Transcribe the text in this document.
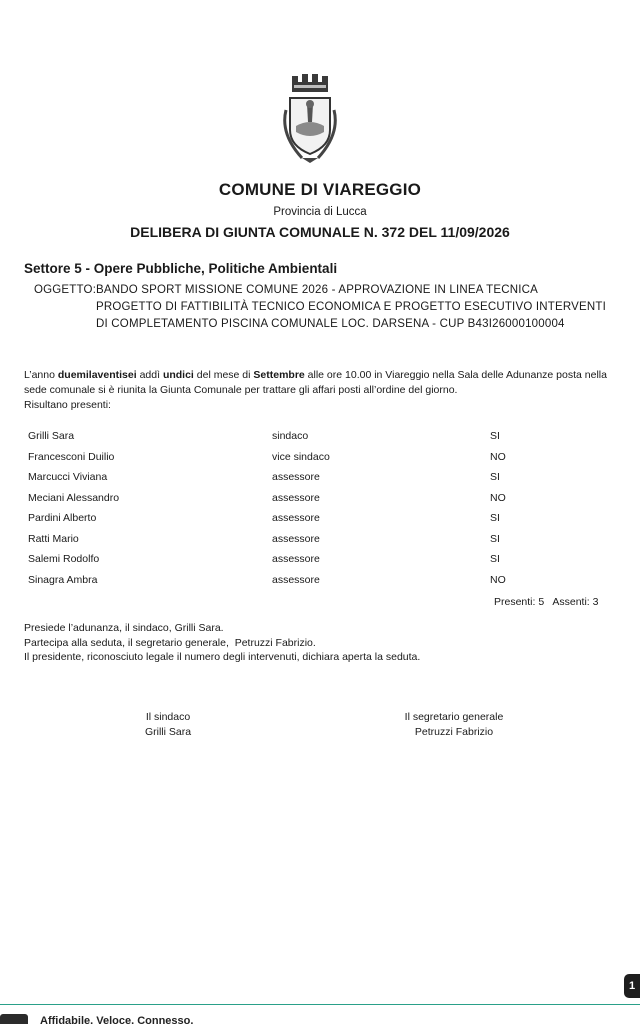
COMUNE DI VIAREGGIO
Provincia di Lucca
DELIBERA DI GIUNTA COMUNALE N. 372 DEL 11/09/2026
Settore 5 - Opere Pubbliche, Politiche Ambientali
OGGETTO: BANDO SPORT MISSIONE COMUNE 2026 - APPROVAZIONE IN LINEA TECNICA
PROGETTO DI FATTIBILITÀ TECNICO ECONOMICA E PROGETTO ESECUTIVO INTERVENTI
DI COMPLETAMENTO PISCINA COMUNALE LOC. DARSENA - CUP B43I26000100004
L’anno duemilaventisei addì undici del mese di Settembre alle ore 10.00 in Viareggio nella Sala delle Adunanze posta nella
sede comunale si è riunita la Giunta Comunale per trattare gli affari posti all’ordine del giorno.
Risultano presenti:
Grilli Sara	sindaco	SI
Francesconi Duilio	vice sindaco	NO
Marcucci Viviana	assessore	SI
Meciani Alessandro	assessore	NO
Pardini Alberto	assessore	SI
Ratti Mario	assessore	SI
Salemi Rodolfo	assessore	SI
Sinagra Ambra	assessore	NO
Presenti: 5   Assenti: 3
Presiede l’adunanza, il sindaco, Grilli Sara.
Partecipa alla seduta, il segretario generale,  Petruzzi Fabrizio.
Il presidente, riconosciuto legale il numero degli intervenuti, dichiara aperta la seduta.
Il sindaco
Grilli Sara
Il segretario generale
Petruzzi Fabrizio
1
Affidabile. Veloce. Connesso.
